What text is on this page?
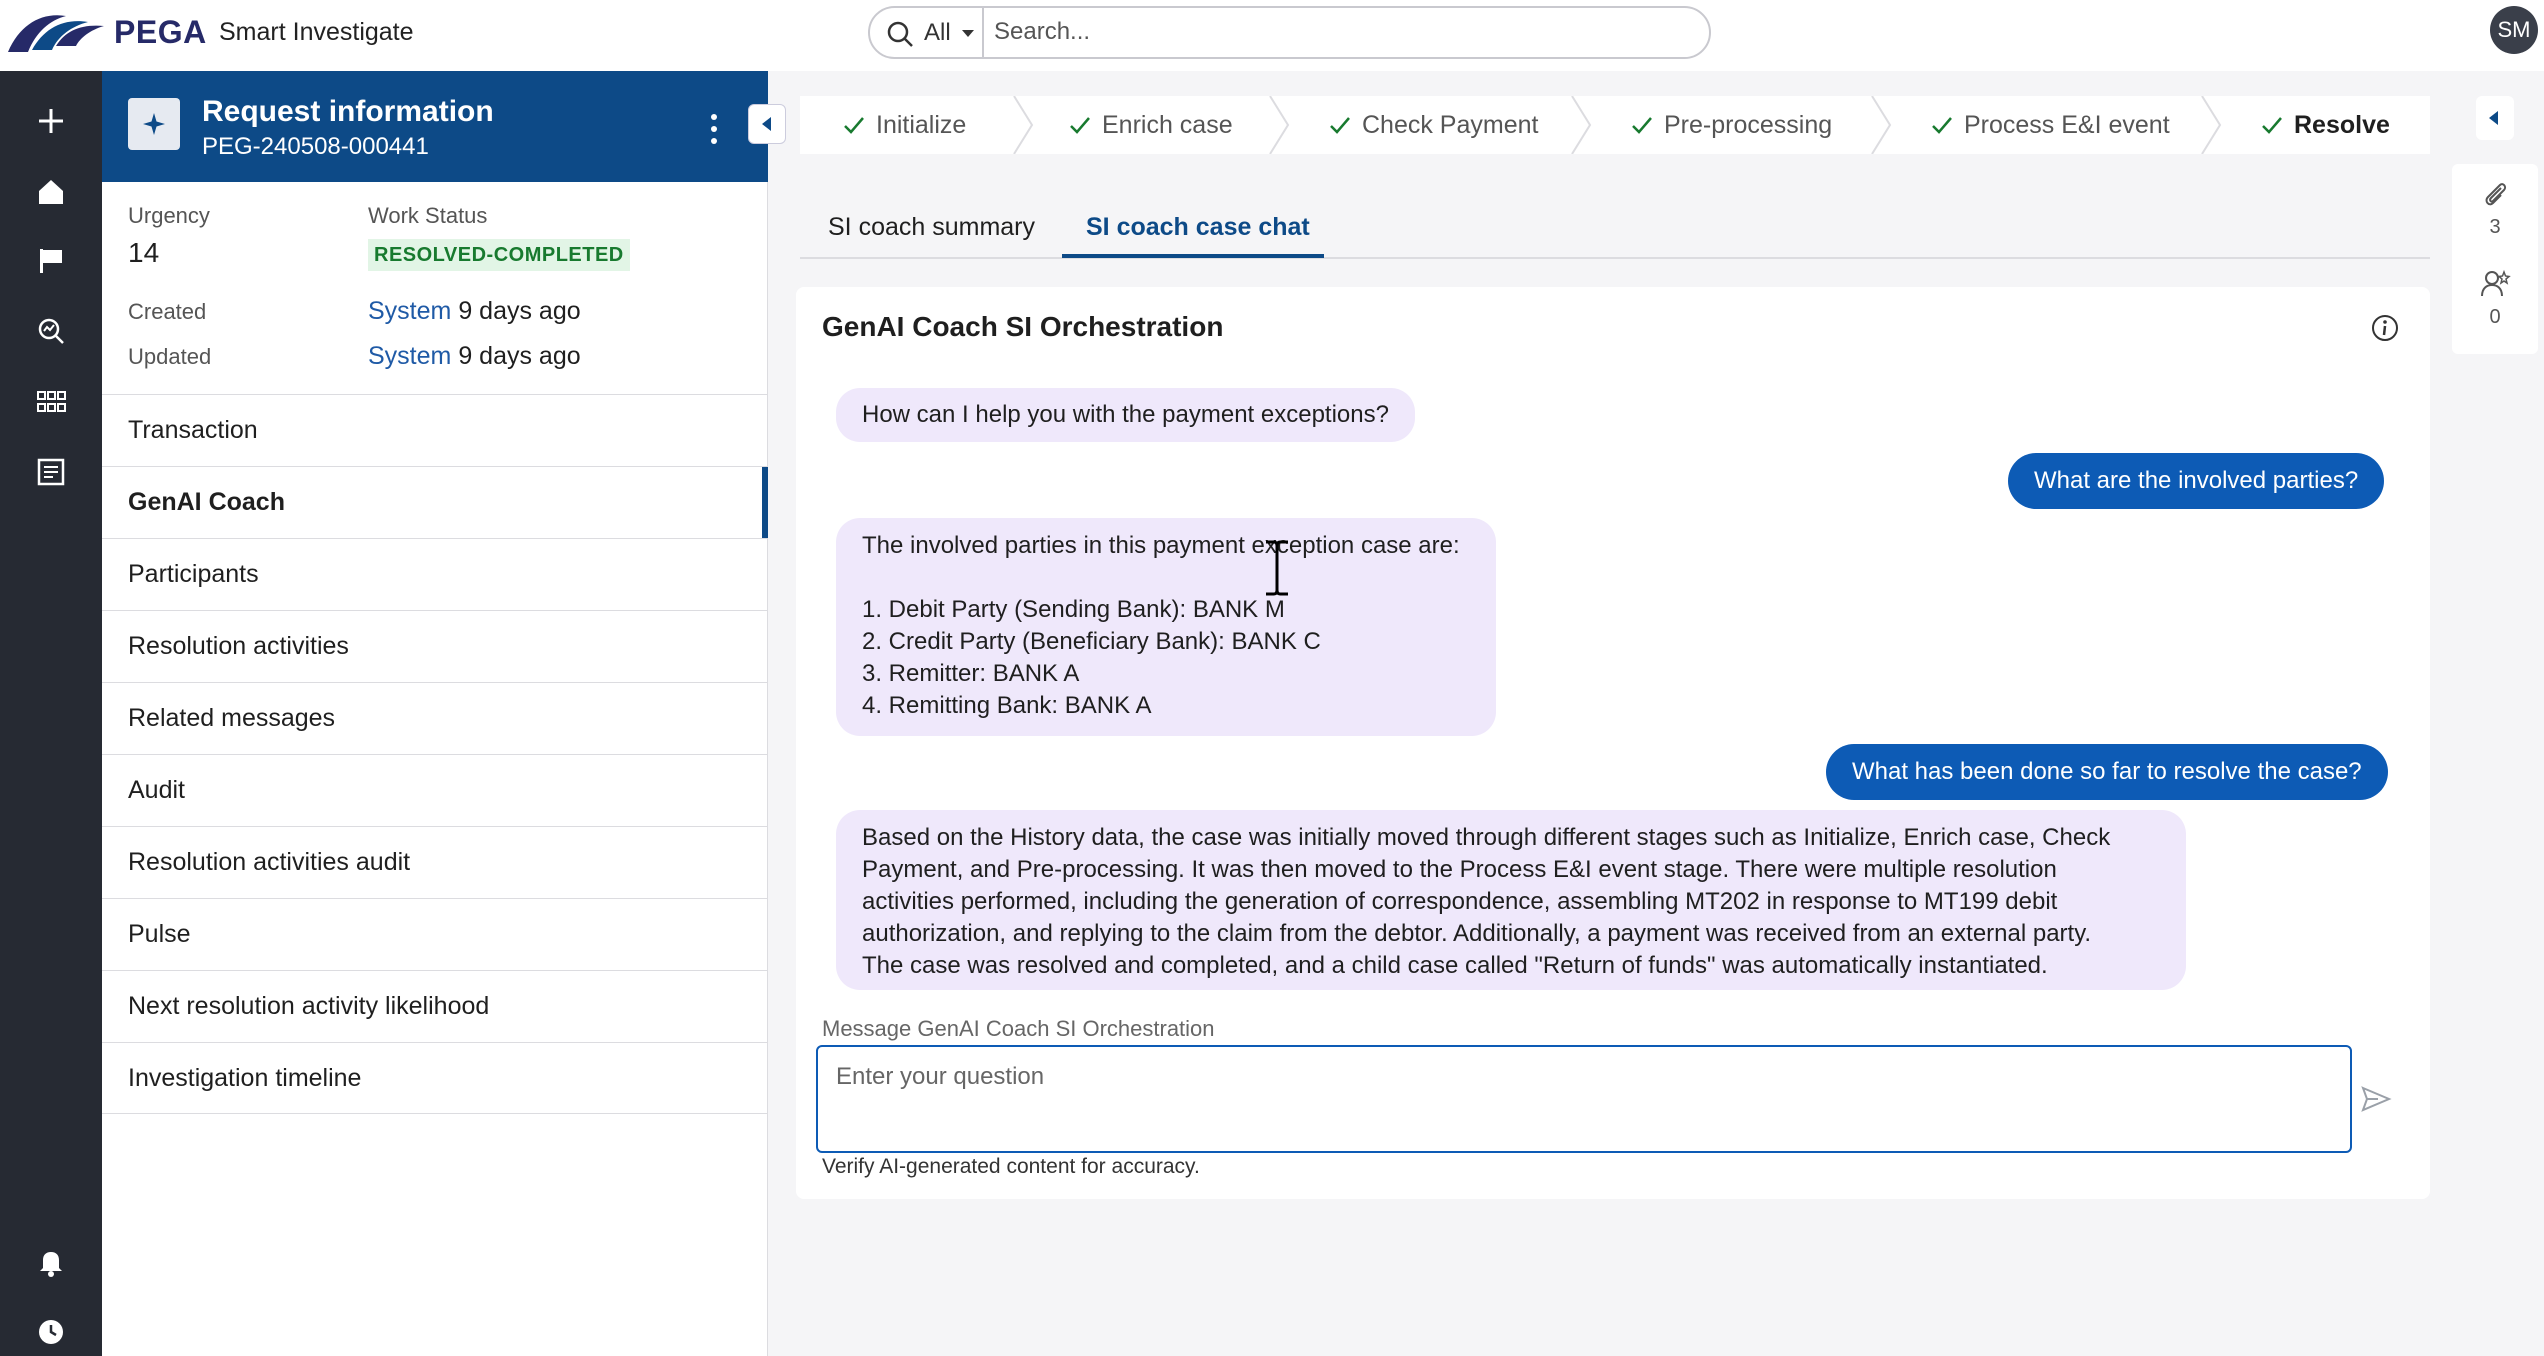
PEGA Smart Investigate	All
Search...	SM
Request information
PEG-240508-000441
Urgency
14
Work Status
RESOLVED-COMPLETED
Created	System 9 days ago
Updated	System 9 days ago
Transaction
GenAI Coach
Participants
Resolution activities
Related messages
Audit
Resolution activities audit
Pulse
Next resolution activity likelihood
Investigation timeline
Initialize	Enrich case	Check Payment	Pre-processing	Process E&I event	Resolve
3
0
SI coach summary SI coach case chat
GenAI Coach SI Orchestration

How can I help you with the payment exceptions?

What are the involved parties?

The involved parties in this payment exception case are:

1. Debit Party (Sending Bank): BANK M
2. Credit Party (Beneficiary Bank): BANK C
3. Remitter: BANK A
4. Remitting Bank: BANK A

What has been done so far to resolve the case?

Based on the History data, the case was initially moved through different stages such as Initialize, Enrich case, Check
Payment, and Pre-processing. It was then moved to the Process E&I event stage. There were multiple resolution
activities performed, including the generation of correspondence, assembling MT202 in response to MT199 debit
authorization, and replying to the claim from the debtor. Additionally, a payment was received from an external party.
The case was resolved and completed, and a child case called "Return of funds" was automatically instantiated.

Message GenAI Coach SI Orchestration
Enter your question
Verify AI-generated content for accuracy.
